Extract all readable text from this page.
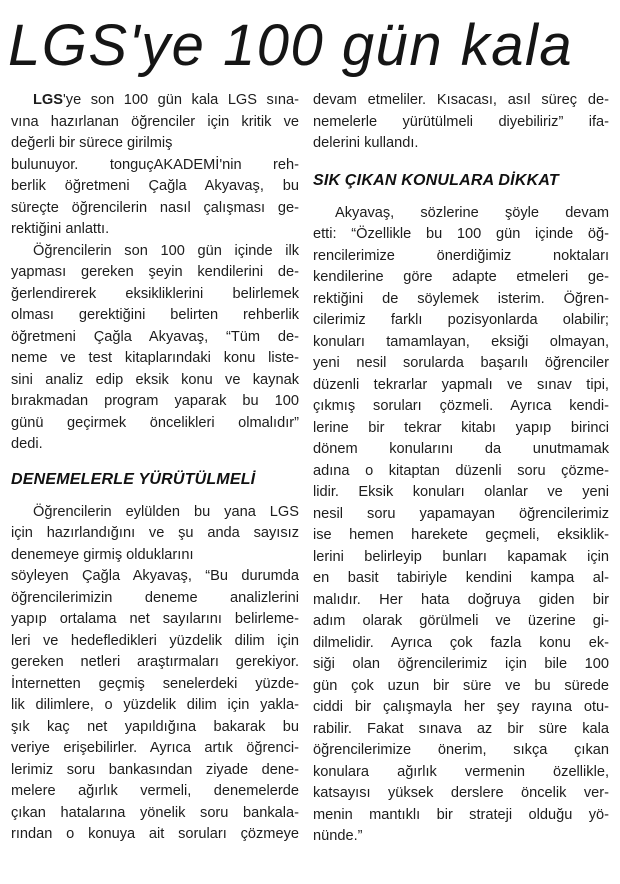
LGS'ye 100 gün kala
LGS'ye son 100 gün kala LGS sına-
vına hazırlanan öğrenciler için kritik ve
değerli bir sürece girilmiş
bulunuyor. tonguçAKADEMİ'nin reh-
berlik öğretmeni Çağla Akyavaş, bu
süreçte öğrencilerin nasıl çalışması ge-
rektiğini anlattı.
Öğrencilerin son 100 gün içinde ilk
yapması gereken şeyin kendilerini de-
ğerlendirerek eksikliklerini belirlemek
olması gerektiğini belirten rehberlik
öğretmeni Çağla Akyavaş, “Tüm de-
neme ve test kitaplarındaki konu liste-
sini analiz edip eksik konu ve kaynak
bırakmadan program yaparak bu 100
günü geçirmek öncelikleri olmalıdır”
dedi.
DENEMELERLE YÜRÜTÜLMELİ
Öğrencilerin eylülden bu yana LGS
için hazırlandığını ve şu anda sayısız
denemeye girmiş olduklarını
söyleyen Çağla Akyavaş, “Bu durumda
öğrencilerimizin deneme analizlerini
yapıp ortalama net sayılarını belirleme-
leri ve hedefledikleri yüzdelik dilim için
gereken netleri araştırmaları gerekiyor.
İnternetten geçmiş senelerdeki yüzde-
lik dilimlere, o yüzdelik dilim için yakla-
şık kaç net yapıldığına bakarak bu
veriye erişebilirler. Ayrıca artık öğrenci-
lerimiz soru bankasından ziyade dene-
melere ağırlık vermeli, denemelerde
çıkan hatalarına yönelik soru bankala-
rından o konuya ait soruları çözmeye
devam etmeliler. Kısacası, asıl süreç de-
nemelerle yürütülmeli diyebiliriz” ifa-
delerini kullandı.
SIK ÇIKAN KONULARA DİKKAT
Akyavaş, sözlerine şöyle devam
etti: “Özellikle bu 100 gün içinde öğ-
rencilerimize önerdiğimiz noktaları
kendilerine göre adapte etmeleri ge-
rektiğini de söylemek isterim. Öğren-
cilerimiz farklı pozisyonlarda olabilir;
konuları tamamlayan, eksiği olmayan,
yeni nesil sorularda başarılı öğrenciler
düzenli tekrarlar yapmalı ve sınav tipi,
çıkmış soruları çözmeli. Ayrıca kendi-
lerine bir tekrar kitabı yapıp birinci
dönem konularını da unutmamak
adına o kitaptan düzenli soru çözme-
lidir. Eksik konuları olanlar ve yeni
nesil soru yapamayan öğrencilerimiz
ise hemen harekete geçmeli, eksiklik-
lerini belirleyip bunları kapamak için
en basit tabiriyle kendini kampa al-
malıdır. Her hata doğruya giden bir
adım olarak görülmeli ve üzerine gi-
dilmelidir. Ayrıca çok fazla konu ek-
siği olan öğrencilerimiz için bile 100
gün çok uzun bir süre ve bu süredе
ciddi bir çalışmayla her şey rayına otu-
rabilir. Fakat sınava az bir süre kala
öğrencilerimize önerim, sıkça çıkan
konulara ağırlık vermenin özellikle,
katsayısı yüksek derslere öncelik ver-
menin mantıklı bir strateji olduğu yö-
nünde.”
